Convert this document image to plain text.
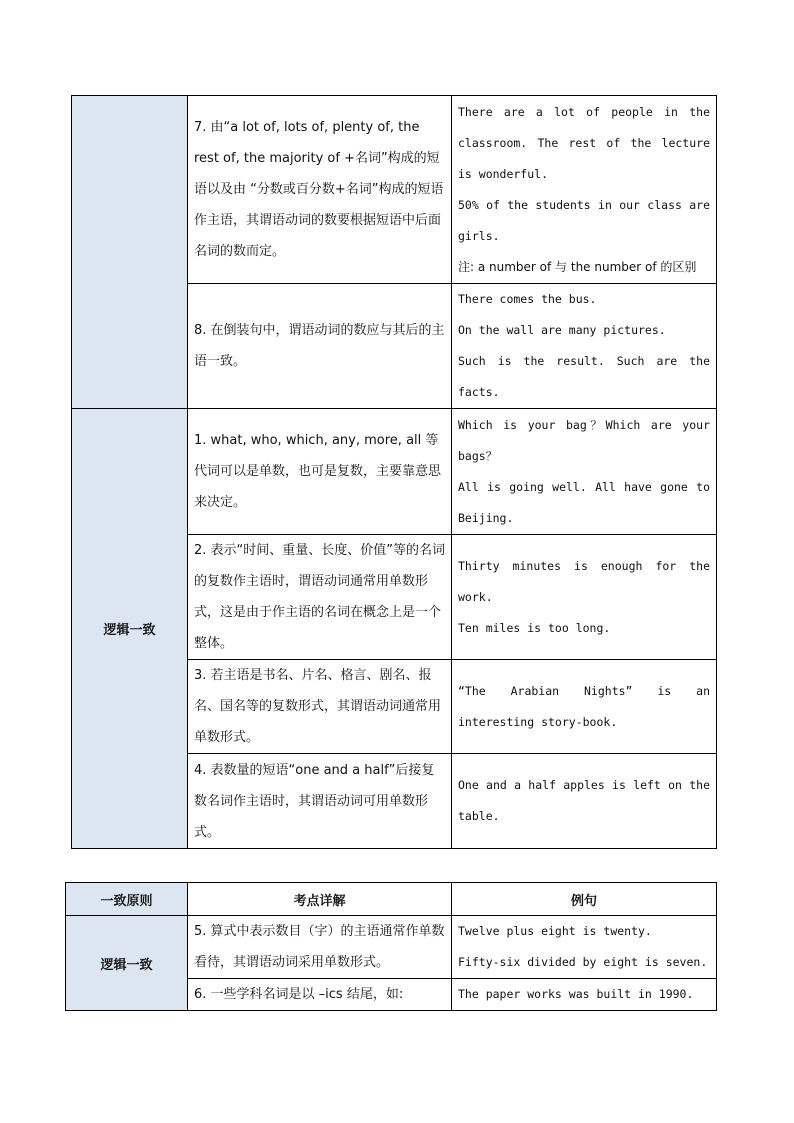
	7. 由“a lot of, lots of, plenty of, the rest of, the majority of +名词”构成的短语以及由 “分数或百分数+名词”构成的短语作主语，其谓语动词的数要根据短语中后面名词的数而定。	There are a lot of people in the classroom. The rest of the lecture is wonderful.
50% of the students in our class are girls.
注: a number of 与 the number of 的区别

	8. 在倒装句中，谓语动词的数应与其后的主语一致。	There comes the bus.
On the wall are many pictures.
Such is the result. Such are the facts.

逻辑一致	1. what, who, which, any, more, all 等代词可以是单数，也可是复数，主要靠意思来决定。	Which is your bag？Which are your bags？
All is going well. All have gone to Beijing.

	2. 表示“时间、重量、长度、价值”等的名词的复数作主语时，谓语动词通常用单数形式，这是由于作主语的名词在概念上是一个整体。	Thirty minutes is enough for the work.
Ten miles is too long.

	3. 若主语是书名、片名、格言、剧名、报名、国名等的复数形式，其谓语动词通常用单数形式。	“The Arabian Nights” is an interesting story-book.

	4. 表数量的短语“one and a half”后接复数名词作主语时，其谓语动词可用单数形式。	One and a half apples is left on the table.
一致原则	考点详解	例句
逻辑一致	5. 算式中表示数目（字）的主语通常作单数看待，其谓语动词采用单数形式。	Twelve plus eight is twenty.
Fifty-six divided by eight is seven.

	6. 一些学科名词是以 –ics 结尾，如:	The paper works was built in 1990.
